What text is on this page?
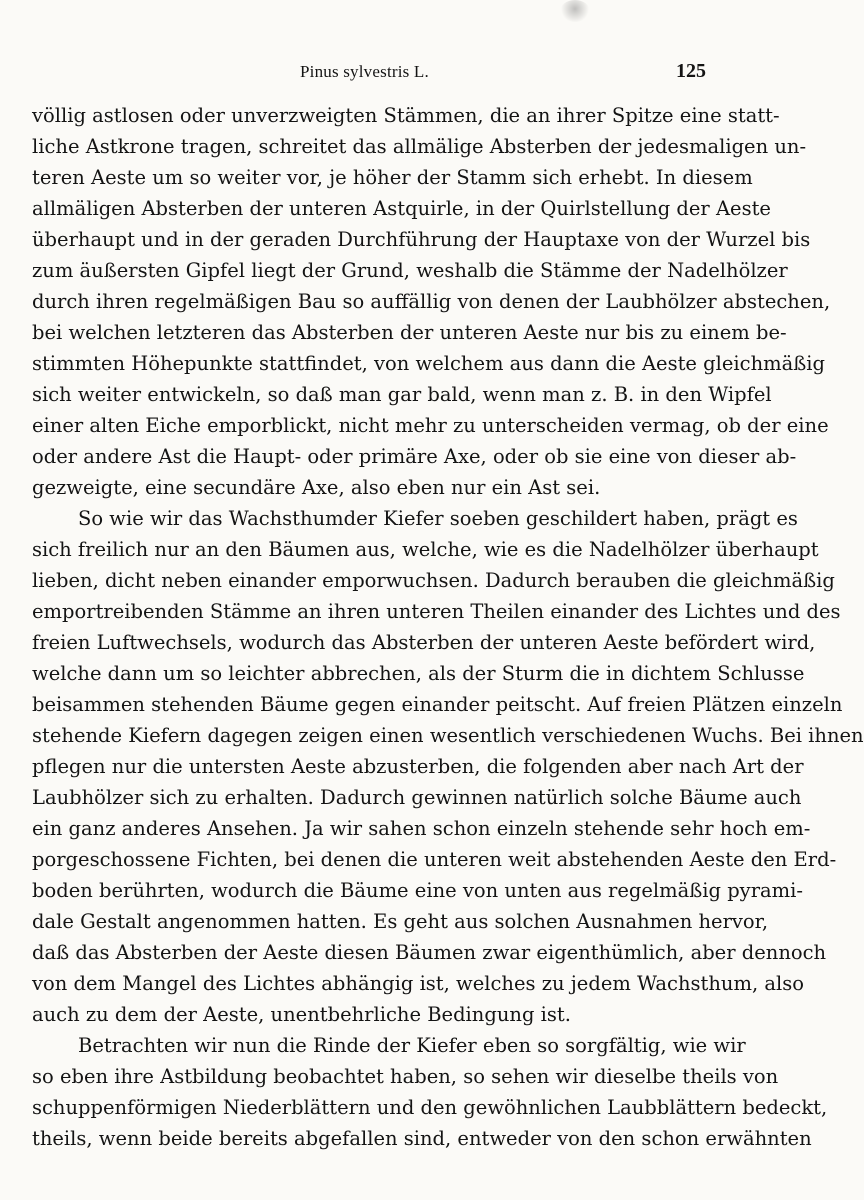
Pinus sylvestris L.	125
völlig astlosen oder unverzweigten Stämmen, die an ihrer Spitze eine statt-
liche Astkrone tragen, schreitet das allmälige Absterben der jedesmaligen un-
teren Aeste um so weiter vor, je höher der Stamm sich erhebt. In diesem
allmäligen Absterben der unteren Astquirle, in der Quirlstellung der Aeste
überhaupt und in der geraden Durchführung der Hauptaxe von der Wurzel bis
zum äußersten Gipfel liegt der Grund, weshalb die Stämme der Nadelhölzer
durch ihren regelmäßigen Bau so auffällig von denen der Laubhölzer abstechen,
bei welchen letzteren das Absterben der unteren Aeste nur bis zu einem be-
stimmten Höhepunkte stattfindet, von welchem aus dann die Aeste gleichmäßig
sich weiter entwickeln, so daß man gar bald, wenn man z. B. in den Wipfel
einer alten Eiche emporblickt, nicht mehr zu unterscheiden vermag, ob der eine
oder andere Ast die Haupt- oder primäre Axe, oder ob sie eine von dieser ab-
gezweigte, eine secundäre Axe, also eben nur ein Ast sei.
So wie wir das Wachsthumder Kiefer soeben geschildert haben, prägt es
sich freilich nur an den Bäumen aus, welche, wie es die Nadelhölzer überhaupt
lieben, dicht neben einander emporwuchsen. Dadurch berauben die gleichmäßig
emportreibenden Stämme an ihren unteren Theilen einander des Lichtes und des
freien Luftwechsels, wodurch das Absterben der unteren Aeste befördert wird,
welche dann um so leichter abbrechen, als der Sturm die in dichtem Schlusse
beisammen stehenden Bäume gegen einander peitscht. Auf freien Plätzen einzeln
stehende Kiefern dagegen zeigen einen wesentlich verschiedenen Wuchs. Bei ihnen
pflegen nur die untersten Aeste abzusterben, die folgenden aber nach Art der
Laubhölzer sich zu erhalten. Dadurch gewinnen natürlich solche Bäume auch
ein ganz anderes Ansehen. Ja wir sahen schon einzeln stehende sehr hoch em-
porgeschossene Fichten, bei denen die unteren weit abstehenden Aeste den Erd-
boden berührten, wodurch die Bäume eine von unten aus regelmäßig pyrami-
dale Gestalt angenommen hatten. Es geht aus solchen Ausnahmen hervor,
daß das Absterben der Aeste diesen Bäumen zwar eigenthümlich, aber dennoch
von dem Mangel des Lichtes abhängig ist, welches zu jedem Wachsthum, also
auch zu dem der Aeste, unentbehrliche Bedingung ist.
Betrachten wir nun die Rinde der Kiefer eben so sorgfältig, wie wir
so eben ihre Astbildung beobachtet haben, so sehen wir dieselbe theils von
schuppenförmigen Niederblättern und den gewöhnlichen Laubblättern bedeckt,
theils, wenn beide bereits abgefallen sind, entweder von den schon erwähnten
